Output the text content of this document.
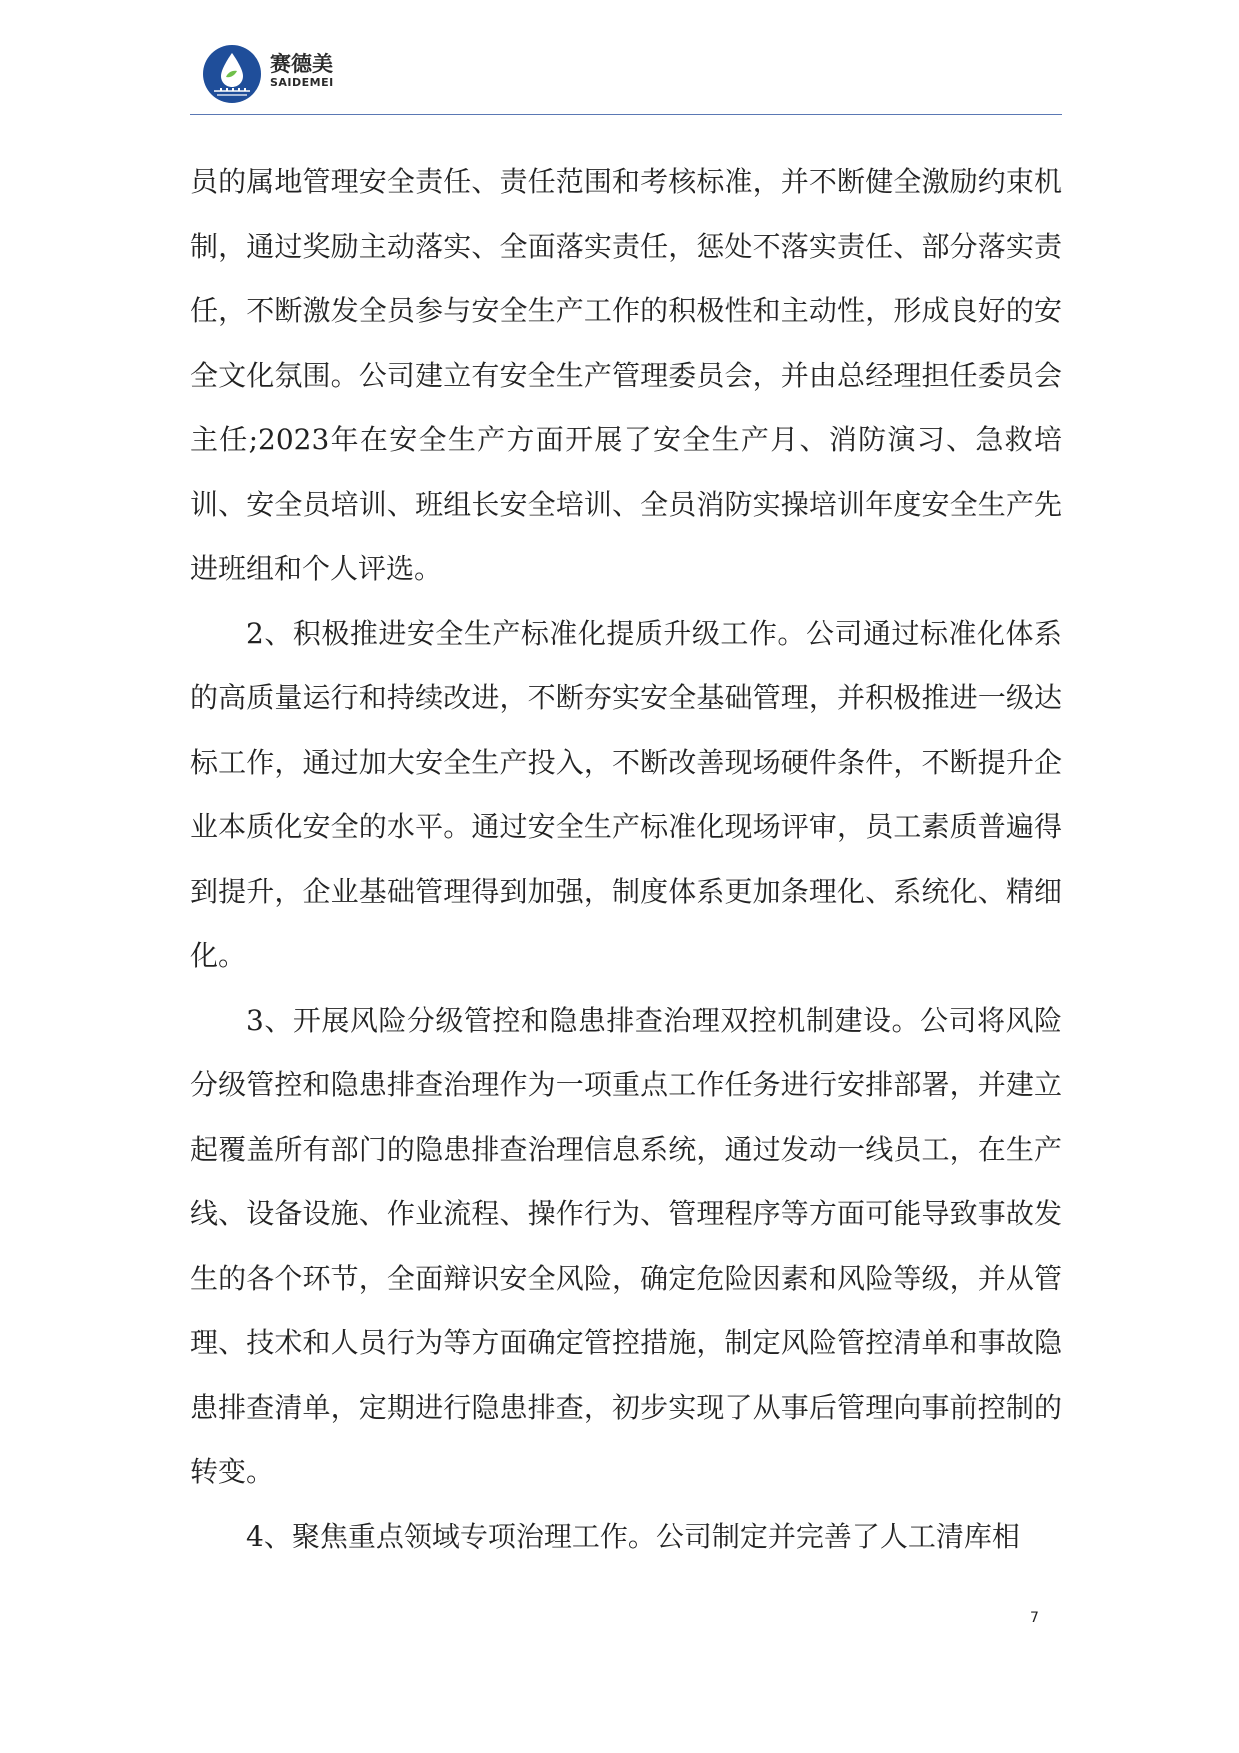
赛德美
SAIDEMEI

员的属地管理安全责任、责任范围和考核标准，并不断健全激励约束机制，通过奖励主动落实、全面落实责任，惩处不落实责任、部分落实责任，不断激发全员参与安全生产工作的积极性和主动性，形成良好的安全文化氛围。公司建立有安全生产管理委员会，并由总经理担任委员会主任;2023年在安全生产方面开展了安全生产月、消防演习、急救培训、安全员培训、班组长安全培训、全员消防实操培训年度安全生产先进班组和个人评选。

2、积极推进安全生产标准化提质升级工作。公司通过标准化体系的高质量运行和持续改进，不断夯实安全基础管理，并积极推进一级达标工作，通过加大安全生产投入，不断改善现场硬件条件，不断提升企业本质化安全的水平。通过安全生产标准化现场评审，员工素质普遍得到提升，企业基础管理得到加强，制度体系更加条理化、系统化、精细化。

3、开展风险分级管控和隐患排查治理双控机制建设。公司将风险分级管控和隐患排查治理作为一项重点工作任务进行安排部署，并建立起覆盖所有部门的隐患排查治理信息系统，通过发动一线员工，在生产线、设备设施、作业流程、操作行为、管理程序等方面可能导致事故发生的各个环节，全面辩识安全风险，确定危险因素和风险等级，并从管理、技术和人员行为等方面确定管控措施，制定风险管控清单和事故隐患排查清单，定期进行隐患排查，初步实现了从事后管理向事前控制的转变。

4、聚焦重点领域专项治理工作。公司制定并完善了人工清库相

7
